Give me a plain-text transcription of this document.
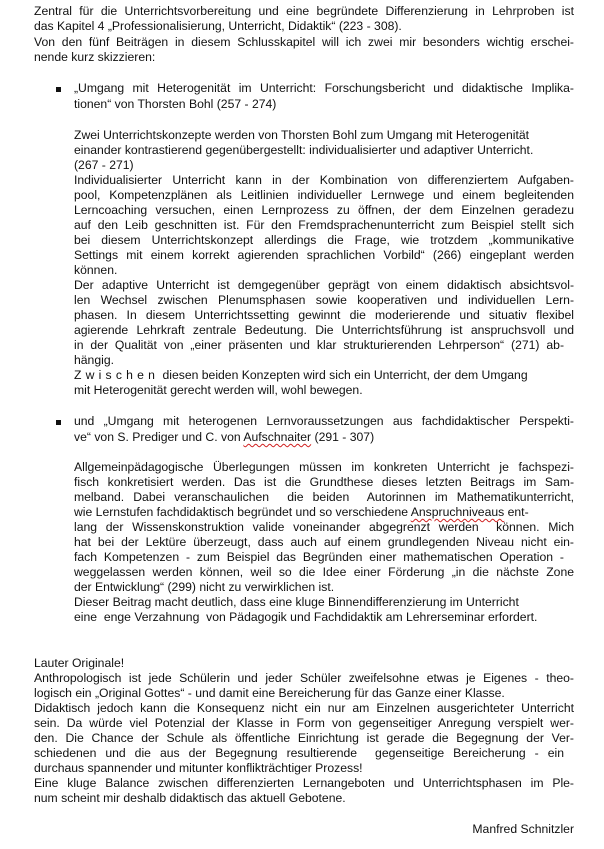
Zentral für die Unterrichtsvorbereitung und eine begründete Differenzierung in Lehrproben ist
das Kapitel 4 „Professionalisierung, Unterricht, Didaktik“ (223 - 308).
Von den fünf Beiträgen in diesem Schlusskapitel will ich zwei mir besonders wichtig erschei-
nende kurz skizzieren:
„Umgang mit Heterogenität im Unterricht: Forschungsbericht und didaktische Implika-
tionen“ von Thorsten Bohl (257 - 274)
Zwei Unterrichtskonzepte werden von Thorsten Bohl zum Umgang mit Heterogenität
einander kontrastierend gegenübergestellt: individualisierter und adaptiver Unterricht.
(267 - 271)
Individualisierter Unterricht kann in der Kombination von differenziertem Aufgaben-
pool, Kompetenzplänen als Leitlinien individueller Lernwege und einem begleitenden
Lerncoaching versuchen, einen Lernprozess zu öffnen, der dem Einzelnen geradezu
auf den Leib geschnitten ist. Für den Fremdsprachenunterricht zum Beispiel stellt sich
bei diesem Unterrichtskonzept allerdings die Frage, wie trotzdem „kommunikative
Settings mit einem korrekt agierenden sprachlichen Vorbild“ (266) eingeplant werden
können.
Der adaptive Unterricht ist demgegenüber geprägt von einem didaktisch absichtsvol-
len Wechsel zwischen Plenumsphasen sowie kooperativen und individuellen Lern-
phasen. In diesem Unterrichtssetting gewinnt die moderierende und situativ flexibel
agierende Lehrkraft zentrale Bedeutung. Die Unterrichtsführung ist anspruchsvoll und
in der Qualität von „einer präsenten und klar strukturierenden Lehrperson“ (271) ab-
hängig.
Zwischen diesen beiden Konzepten wird sich ein Unterricht, der dem Umgang
mit Heterogenität gerecht werden will, wohl bewegen.
und „Umgang mit heterogenen Lernvoraussetzungen aus fachdidaktischer Perspekti-
ve“ von S. Prediger und C. von Aufschnaiter (291 - 307)
Allgemeinpädagogische Überlegungen müssen im konkreten Unterricht je fachspezi-
fisch konkretisiert werden. Das ist die Grundthese dieses letzten Beitrags im Sam-
melband. Dabei veranschaulichen  die beiden  Autorinnen im Mathematikunterricht,
wie Lernstufen fachdidaktisch begründet und so verschiedene Anspruchniveaus ent-
lang der Wissenskonstruktion valide voneinander abgegrenzt werden  können. Mich
hat bei der Lektüre überzeugt, dass auch auf einem grundlegenden Niveau nicht ein-
fach Kompetenzen - zum Beispiel das Begründen einer mathematischen Operation -
weggelassen werden können, weil so die Idee einer Förderung „in die nächste Zone
der Entwicklung“ (299) nicht zu verwirklichen ist.
Dieser Beitrag macht deutlich, dass eine kluge Binnendifferenzierung im Unterricht
eine  enge Verzahnung  von Pädagogik und Fachdidaktik am Lehrerseminar erfordert.
Lauter Originale!
Anthropologisch ist jede Schülerin und jeder Schüler zweifelsohne etwas je Eigenes - theo-
logisch ein „Original Gottes“ - und damit eine Bereicherung für das Ganze einer Klasse.
Didaktisch jedoch kann die Konsequenz nicht ein nur am Einzelnen ausgerichteter Unterricht
sein. Da würde viel Potenzial der Klasse in Form von gegenseitiger Anregung verspielt wer-
den. Die Chance der Schule als öffentliche Einrichtung ist gerade die Begegnung der Ver-
schiedenen und die aus der Begegnung resultierende  gegenseitige Bereicherung - ein
durchaus spannender und mitunter konflikträchtiger Prozess!
Eine kluge Balance zwischen differenzierten Lernangeboten und Unterrichtsphasen im Ple-
num scheint mir deshalb didaktisch das aktuell Gebotene.
Manfred Schnitzler
